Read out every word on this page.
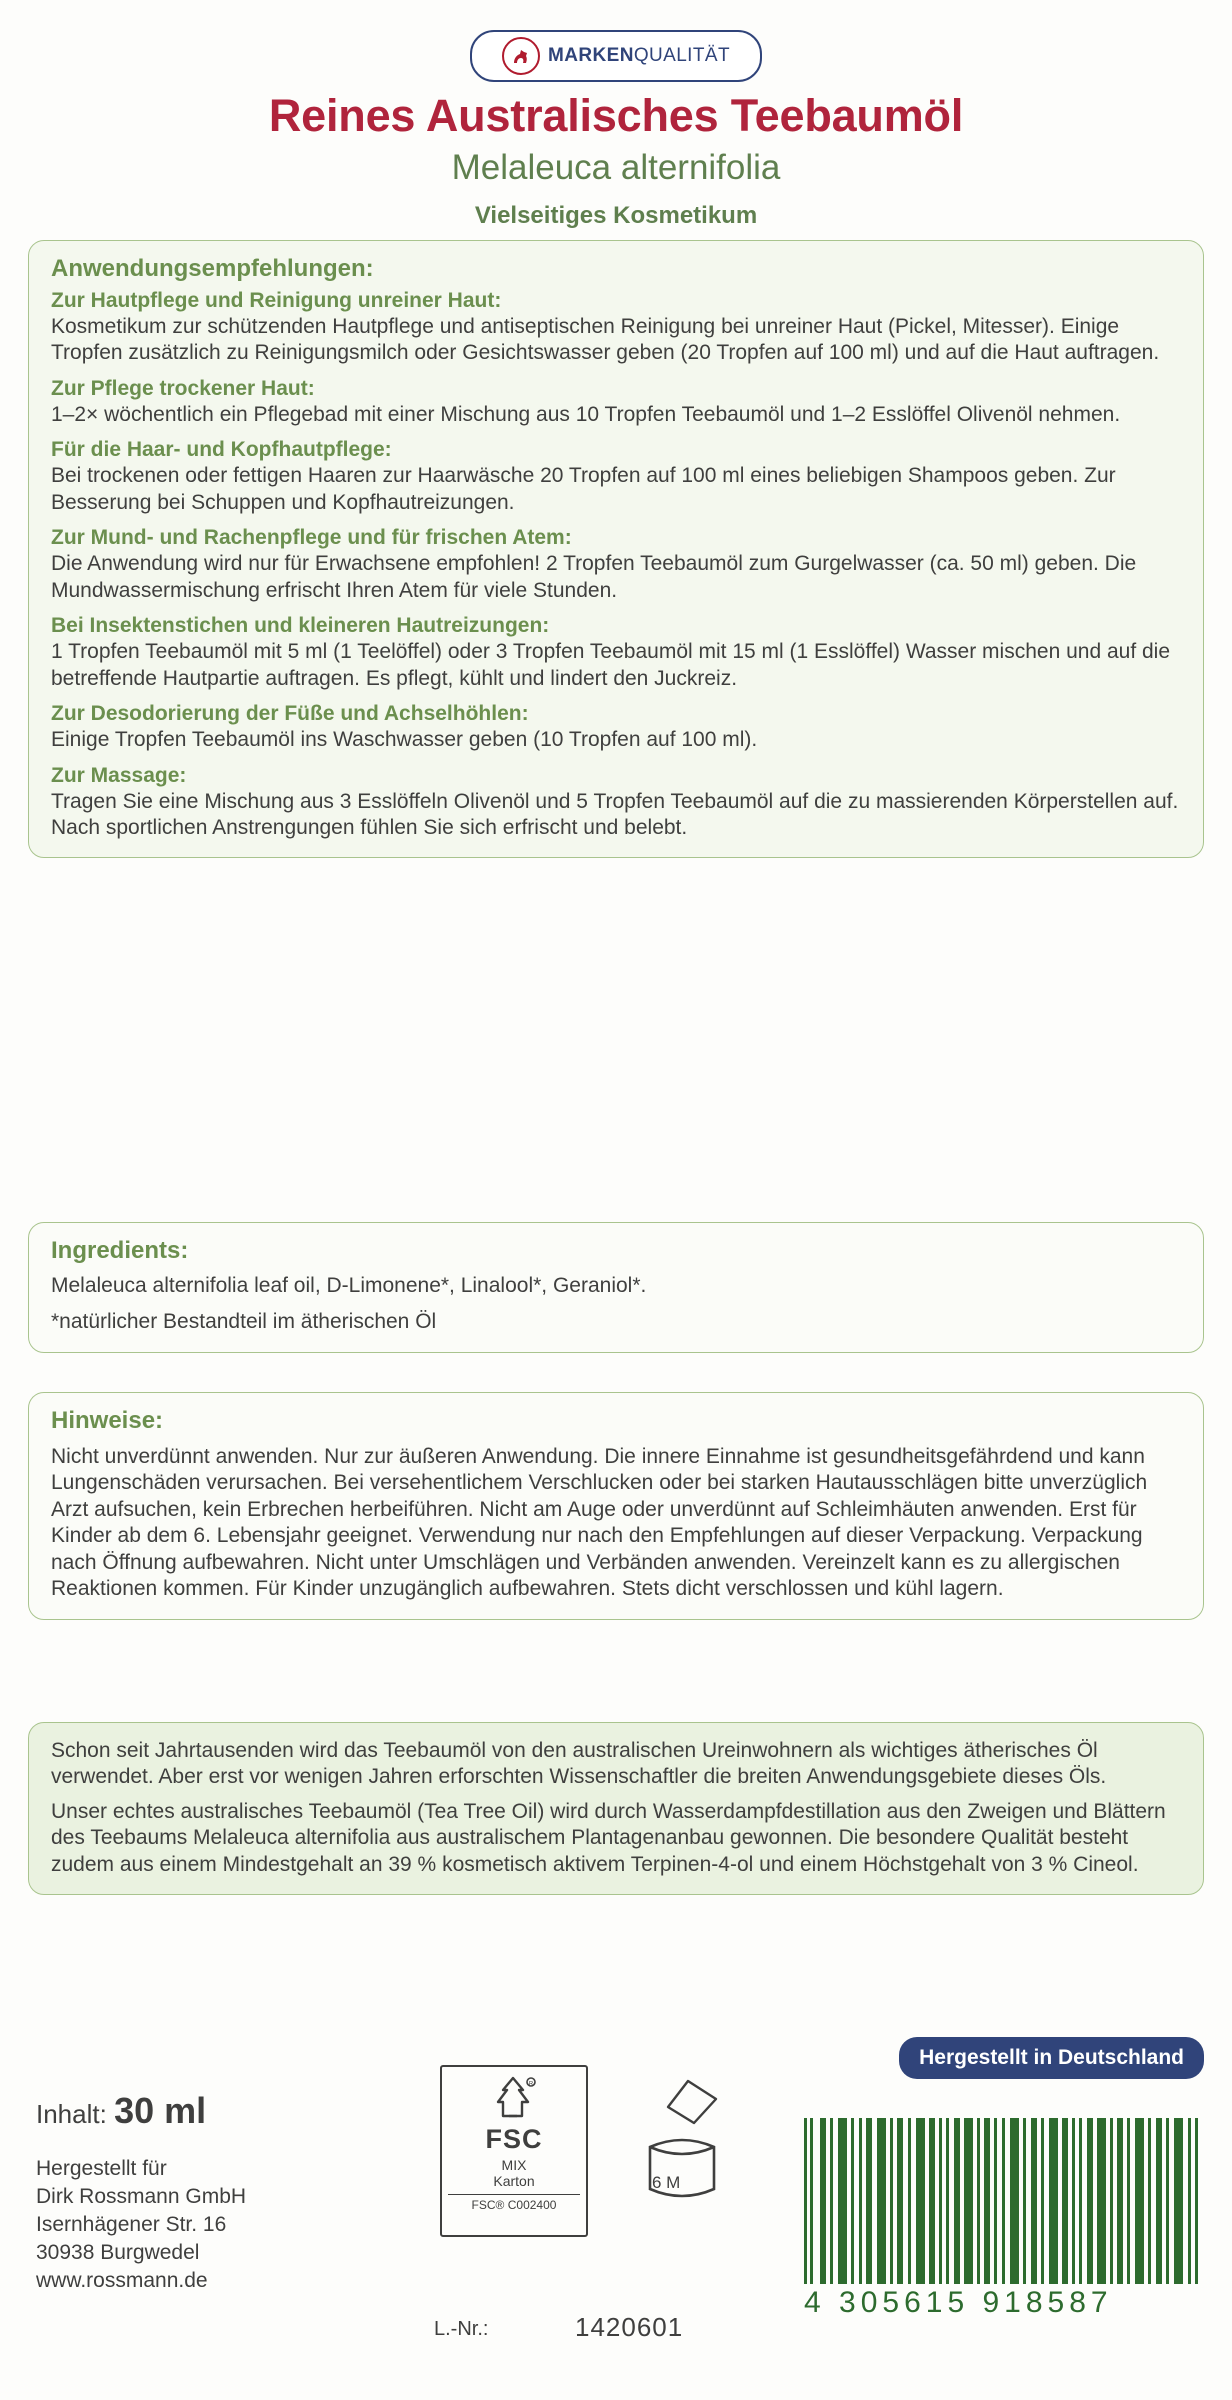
MARKENQUALITÄT
Reines Australisches Teebaumöl
Melaleuca alternifolia
Vielseitiges Kosmetikum
Anwendungsempfehlungen:
Zur Hautpflege und Reinigung unreiner Haut:

Kosmetikum zur schützenden Hautpflege und antiseptischen Reinigung bei unreiner Haut (Pickel, Mitesser). Einige Tropfen zusätzlich zu Reinigungsmilch oder Gesichtswasser geben (20 Tropfen auf 100 ml) und auf die Haut auftragen.

Zur Pflege trockener Haut:

1–2× wöchentlich ein Pflegebad mit einer Mischung aus 10 Tropfen Teebaumöl und 1–2 Esslöffel Olivenöl nehmen.

Für die Haar- und Kopfhautpflege:

Bei trockenen oder fettigen Haaren zur Haarwäsche 20 Tropfen auf 100 ml eines beliebigen Shampoos geben. Zur Besserung bei Schuppen und Kopfhautreizungen.

Zur Mund- und Rachenpflege und für frischen Atem:

Die Anwendung wird nur für Erwachsene empfohlen! 2 Tropfen Teebaumöl zum Gurgelwasser (ca. 50 ml) geben. Die Mundwassermischung erfrischt Ihren Atem für viele Stunden.

Bei Insektenstichen und kleineren Hautreizungen:

1 Tropfen Teebaumöl mit 5 ml (1 Teelöffel) oder 3 Tropfen Teebaumöl mit 15 ml (1 Esslöffel) Wasser mischen und auf die betreffende Hautpartie auftragen. Es pflegt, kühlt und lindert den Juckreiz.

Zur Desodorierung der Füße und Achselhöhlen:

Einige Tropfen Teebaumöl ins Waschwasser geben (10 Tropfen auf 100 ml).

Zur Massage:

Tragen Sie eine Mischung aus 3 Esslöffeln Olivenöl und 5 Tropfen Teebaumöl auf die zu massierenden Körperstellen auf. Nach sportlichen Anstrengungen fühlen Sie sich erfrischt und belebt.

Ingredients:

Melaleuca alternifolia leaf oil, D-Limonene*, Linalool*, Geraniol*.

*natürlicher Bestandteil im ätherischen Öl

Hinweise:

Nicht unverdünnt anwenden. Nur zur äußeren Anwendung. Die innere Einnahme ist gesundheitsgefährdend und kann Lungenschäden verursachen. Bei versehentlichem Verschlucken oder bei starken Hautausschlägen bitte unverzüglich Arzt aufsuchen, kein Erbrechen herbeiführen. Nicht am Auge oder unverdünnt auf Schleimhäuten anwenden. Erst für Kinder ab dem 6. Lebensjahr geeignet. Verwendung nur nach den Empfehlungen auf dieser Verpackung. Verpackung nach Öffnung aufbewahren. Nicht unter Umschlägen und Verbänden anwenden. Vereinzelt kann es zu allergischen Reaktionen kommen. Für Kinder unzugänglich aufbewahren. Stets dicht verschlossen und kühl lagern.

Schon seit Jahrtausenden wird das Teebaumöl von den australischen Ureinwohnern als wichtiges ätherisches Öl verwendet. Aber erst vor wenigen Jahren erforschten Wissenschaftler die breiten Anwendungsgebiete dieses Öls.

Unser echtes australisches Teebaumöl (Tea Tree Oil) wird durch Wasserdampfdestillation aus den Zweigen und Blättern des Teebaums Melaleuca alternifolia aus australischem Plantagenanbau gewonnen. Die besondere Qualität besteht zudem aus einem Mindestgehalt an 39 % kosmetisch aktivem Terpinen-4-ol und einem Höchstgehalt von 3 % Cineol.

Inhalt: 30 ml
Hergestellt für
Dirk Rossmann GmbH
Isernhägener Str. 16
30938 Burgwedel
www.rossmann.de
R
FSC
MIX
Karton
FSC® C002400
6 M
Hergestellt in Deutschland
4 305615 918587
L.-Nr.:	1420601
